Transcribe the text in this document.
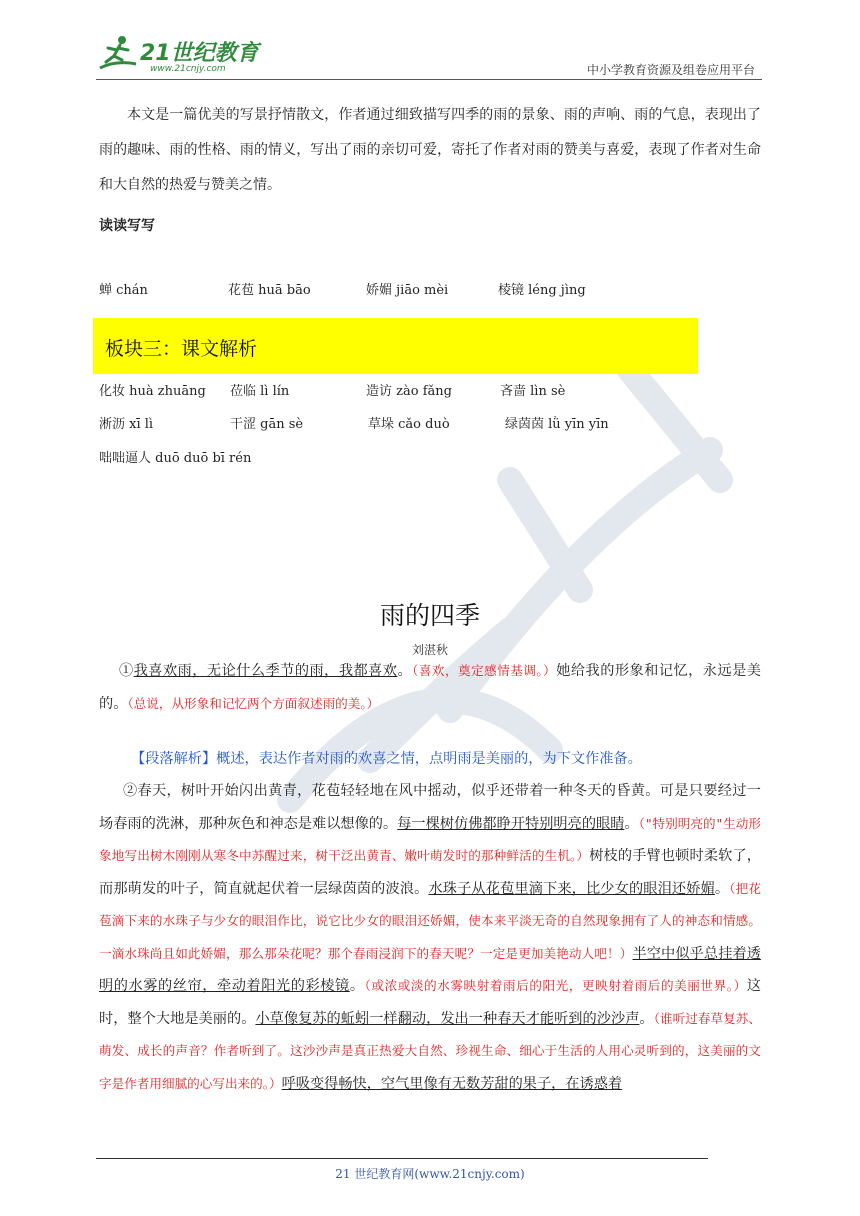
21世纪教育
www.21cnjy.com	中小学教育资源及组卷应用平台
本文是一篇优美的写景抒情散文，作者通过细致描写四季的雨的景象、雨的声响、雨的气息，表现出了雨的趣味、雨的性格、雨的情义，写出了雨的亲切可爱，寄托了作者对雨的赞美与喜爱，表现了作者对生命和大自然的热爱与赞美之情。
读读写写
蝉 chán	花苞 huā bāo	娇媚 jiāo mèi	棱镜 léng jìng
化妆 huà zhuāng 莅临 lì lín	造访 zào fǎng	吝啬 lìn sè
淅沥 xī lì	干涩 gān sè	草垛 cǎo duò	绿茵茵 lǜ yīn yīn
咄咄逼人 duō duō bī rén
板块三：课文解析
雨的四季
刘湛秋
①我喜欢雨，无论什么季节的雨，我都喜欢。（喜欢，奠定感情基调。）她给我的形象和记忆，永远是美的。（总说，从形象和记忆两个方面叙述雨的美。）
【段落解析】概述，表达作者对雨的欢喜之情，点明雨是美丽的，为下文作准备。
②春天，树叶开始闪出黄青，花苞轻轻地在风中摇动，似乎还带着一种冬天的昏黄。可是只要经过一场春雨的洗淋，那种灰色和神态是难以想像的。每一棵树仿佛都睁开特别明亮的眼睛。（"特别明亮的"生动形象地写出树木刚刚从寒冬中苏醒过来，树干泛出黄青、嫩叶萌发时的那种鲜活的生机。）树枝的手臂也顿时柔软了，而那萌发的叶子，简直就起伏着一层绿茵茵的波浪。水珠子从花苞里滴下来，比少女的眼泪还娇媚。（把花苞滴下来的水珠子与少女的眼泪作比，说它比少女的眼泪还娇媚，使本来平淡无奇的自然现象拥有了人的神态和情感。一滴水珠尚且如此娇媚，那么那朵花呢？那个春雨浸润下的春天呢？一定是更加美艳动人吧！）半空中似乎总挂着透明的水雾的丝帘，牵动着阳光的彩棱镜。（或浓或淡的水雾映射着雨后的阳光，更映射着雨后的美丽世界。）这时，整个大地是美丽的。小草像复苏的蚯蚓一样翻动，发出一种春天才能听到的沙沙声。（谁听过春草复苏、萌发、成长的声音？作者听到了。这沙沙声是真正热爱大自然、珍视生命、细心于生活的人用心灵听到的，这美丽的文字是作者用细腻的心写出来的。）呼吸变得畅快，空气里像有无数芳甜的果子，在诱惑着
21 世纪教育网(www.21cnjy.com)
